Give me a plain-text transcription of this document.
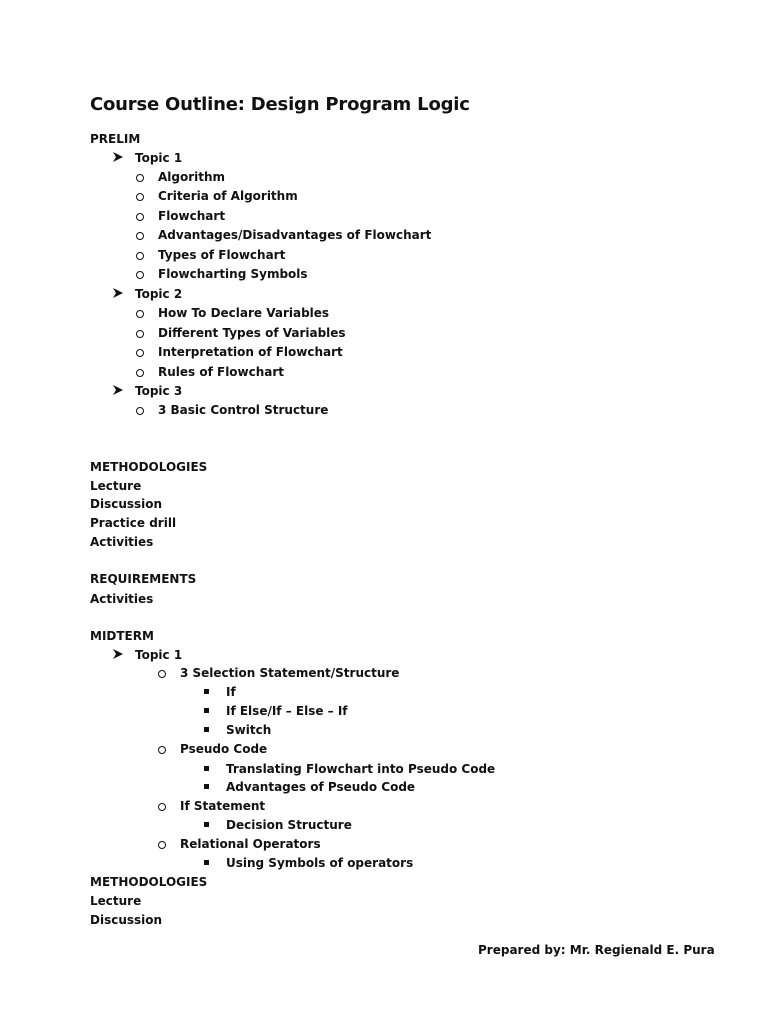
Course Outline: Design Program Logic
PRELIM
Topic 1
Algorithm
Criteria of Algorithm
Flowchart
Advantages/Disadvantages of Flowchart
Types of Flowchart
Flowcharting Symbols
Topic 2
How To Declare Variables
Different Types of Variables
Interpretation of Flowchart
Rules of Flowchart
Topic 3
3 Basic Control Structure
METHODOLOGIES
Lecture
Discussion
Practice drill
Activities
REQUIREMENTS
Activities
MIDTERM
Topic 1
3 Selection Statement/Structure
If
If Else/If – Else – If
Switch
Pseudo Code
Translating Flowchart into Pseudo Code
Advantages of Pseudo Code
If Statement
Decision Structure
Relational Operators
Using Symbols of operators
METHODOLOGIES
Lecture
Discussion
Prepared by: Mr. Regienald E. Pura
